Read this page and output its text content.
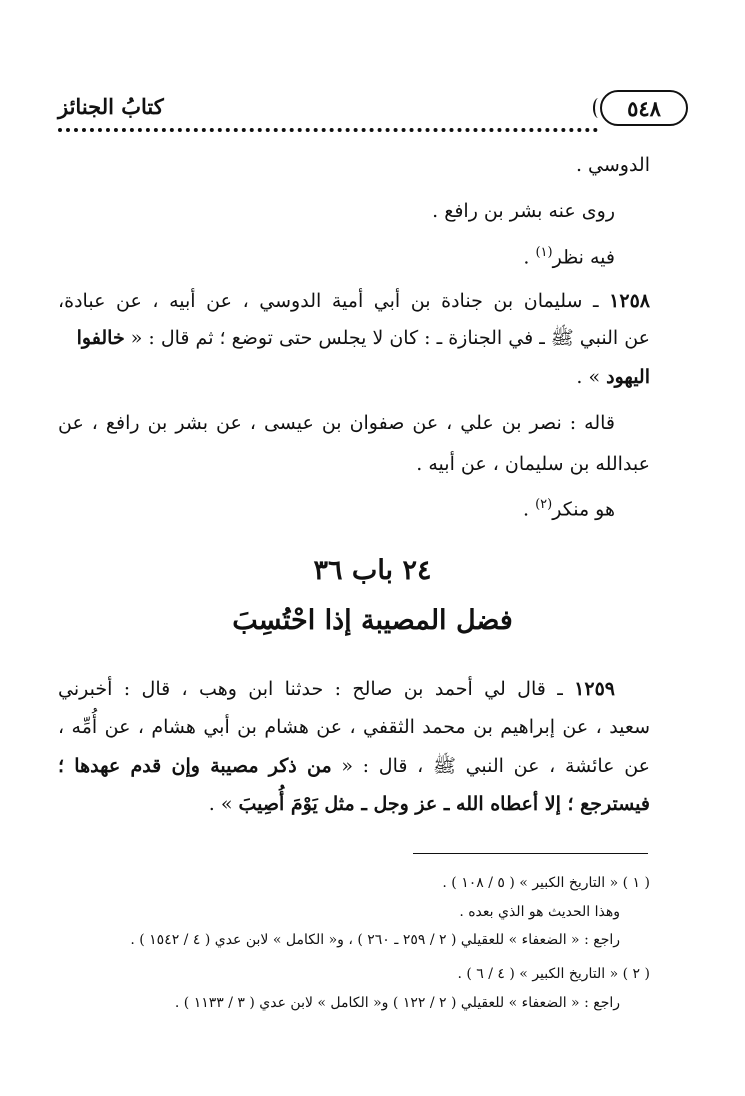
٥٤٨
كتابُ الجنائز
الدوسي .
روى عنه بشر بن رافع .
فيه نظر$^{(١)}$ .
١٢٥٨ ـ سليمان بن جنادة بن أبي أمية الدوسي ، عن أبيه ، عن عبادة،
عن النبي ﷺ ـ في الجنازة ـ : كان لا يجلس حتى توضع ؛ ثم قال : « خالفوا
اليهود » .
قاله : نصر بن علي ، عن صفوان بن عيسى ، عن بشر بن رافع ، عن
عبدالله بن سليمان ، عن أبيه .
هو منكر$^{(٢)}$ .
٢٤ باب ٣٦
فضل المصيبة إذا احْتُسِبَ
١٢٥٩ ـ قال لي أحمد بن صالح : حدثنا ابن وهب ، قال : أخبرني
سعيد ، عن إبراهيم بن محمد الثقفي ، عن هشام بن أبي هشام ، عن أُمِّه ،
عن عائشة ، عن النبي ﷺ ، قال : « من ذكر مصيبة وإن قدم عهدها ؛
فيسترجع ؛ إلا أعطاه الله ـ عز وجل ـ مثل يَوْمَ أُصِيبَ » .
( ١ ) « التاريخ الكبير » ( ٥ / ١٠٨ ) .
وهذا الحديث هو الذي بعده .
راجع : « الضعفاء » للعقيلي ( ٢ / ٢٥٩ ـ ٢٦٠ ) ، و« الكامل » لابن عدي ( ٤ / ١٥٤٢ ) .
( ٢ ) « التاريخ الكبير » ( ٤ / ٦ ) .
راجع : « الضعفاء » للعقيلي ( ٢ / ١٢٢ ) و« الكامل » لابن عدي ( ٣ / ١١٣٣ ) .
